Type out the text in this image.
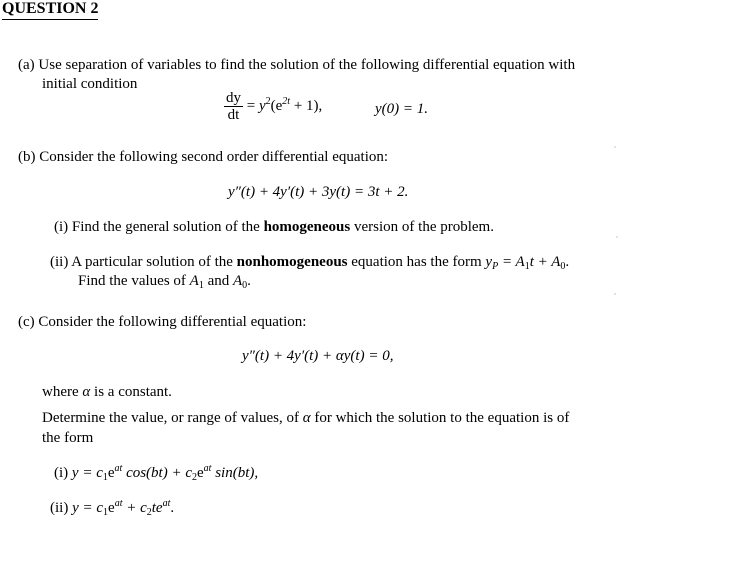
QUESTION 2
(a) Use separation of variables to find the solution of the following differential equation with
initial condition
$\frac{dy}{dt} = y^2(e^{2t} + 1)$,	y(0) = 1.
(b) Consider the following second order differential equation:
y″(t) + 4y′(t) + 3y(t) = 3t + 2.
(i) Find the general solution of the homogeneous version of the problem.
(ii) A particular solution of the nonhomogeneous equation has the form $y_P = A_1t + A_0$.
Find the values of $A_1$ and $A_0$.
(c) Consider the following differential equation:
y″(t) + 4y′(t) + αy(t) = 0,
where α is a constant.
Determine the value, or range of values, of α for which the solution to the equation is of
the form
(i) $y = c_1e^{at}$ $\cos(bt) + c_2e^{at}$ sin(bt),
(ii) $y = c_1e^{at} + c_2te^{at}$.
